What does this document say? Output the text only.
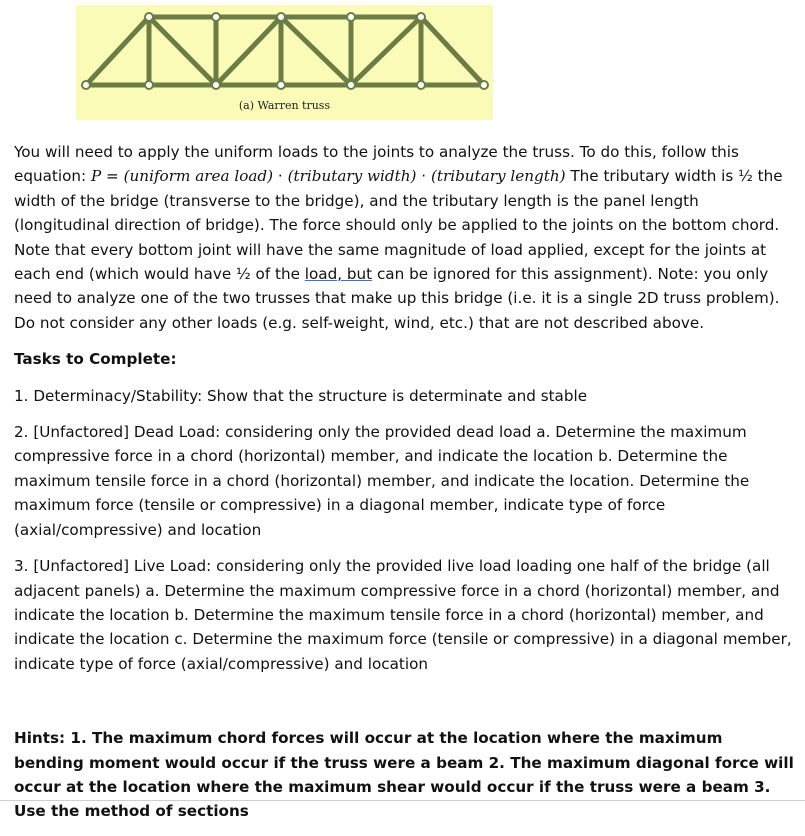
(a) Warren truss

You will need to apply the uniform loads to the joints to analyze the truss. To do this, follow this equation: P = (uniform area load) · (tributary width) · (tributary length) The tributary width is ½ the width of the bridge (transverse to the bridge), and the tributary length is the panel length (longitudinal direction of bridge). The force should only be applied to the joints on the bottom chord. Note that every bottom joint will have the same magnitude of load applied, except for the joints at each end (which would have ½ of the load, but can be ignored for this assignment). Note: you only need to analyze one of the two trusses that make up this bridge (i.e. it is a single 2D truss problem). Do not consider any other loads (e.g. self-weight, wind, etc.) that are not described above.

Tasks to Complete:

1. Determinacy/Stability: Show that the structure is determinate and stable

2. [Unfactored] Dead Load: considering only the provided dead load a. Determine the maximum compressive force in a chord (horizontal) member, and indicate the location b. Determine the maximum tensile force in a chord (horizontal) member, and indicate the location. Determine the maximum force (tensile or compressive) in a diagonal member, indicate type of force (axial/compressive) and location

3. [Unfactored] Live Load: considering only the provided live load loading one half of the bridge (all adjacent panels) a. Determine the maximum compressive force in a chord (horizontal) member, and indicate the location b. Determine the maximum tensile force in a chord (horizontal) member, and indicate the location c. Determine the maximum force (tensile or compressive) in a diagonal member, indicate type of force (axial/compressive) and location

Hints: 1. The maximum chord forces will occur at the location where the maximum bending moment would occur if the truss were a beam 2. The maximum diagonal force will occur at the location where the maximum shear would occur if the truss were a beam 3. Use the method of sections
